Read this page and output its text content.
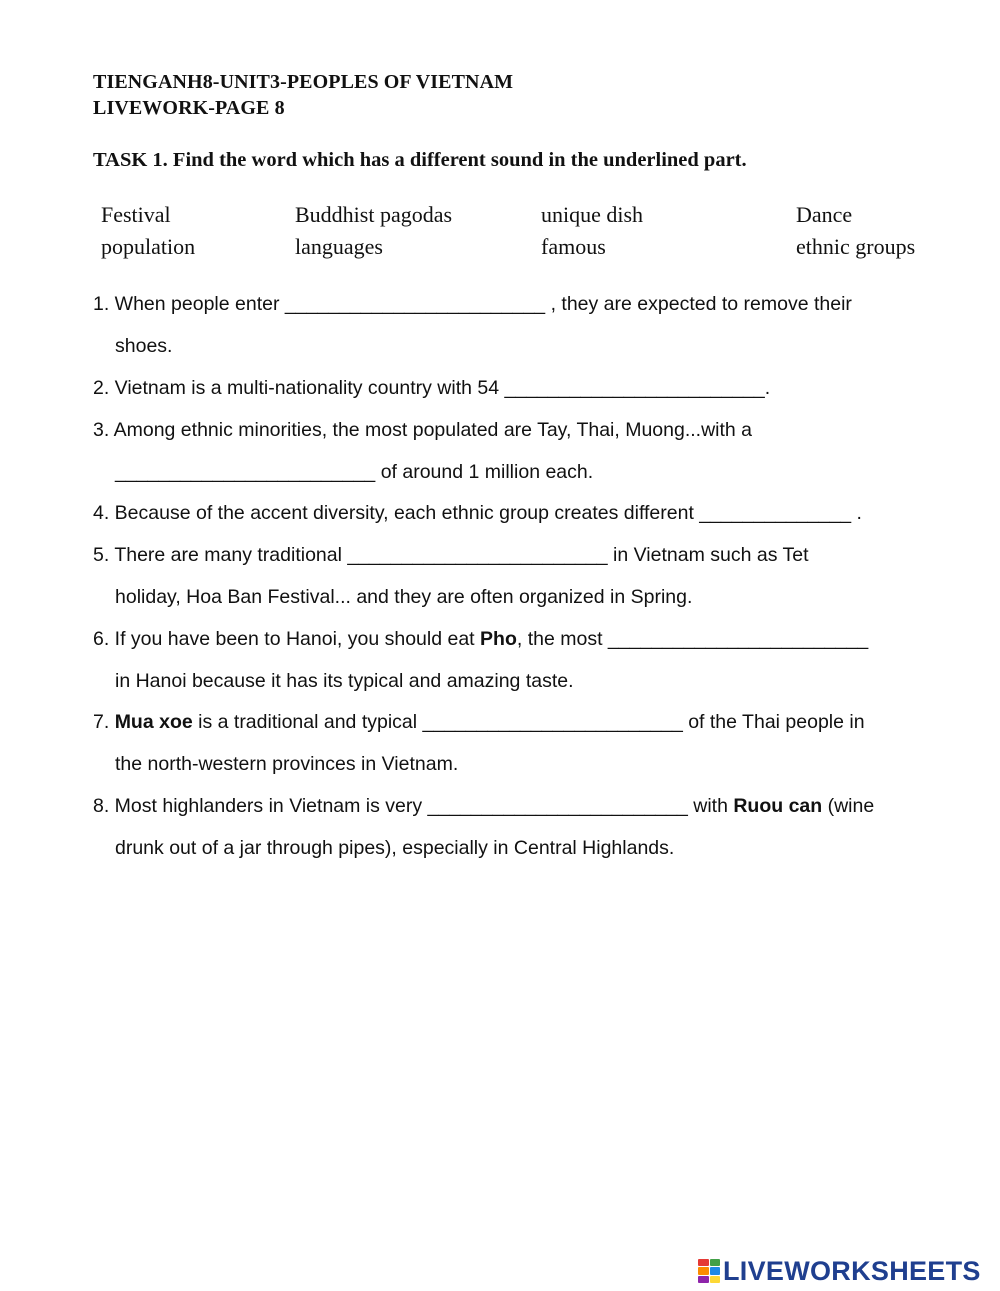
TIENGANH8-UNIT3-PEOPLES OF VIETNAM
LIVEWORK-PAGE 8

TASK 1. Find the word which has a different sound in the underlined part.

Festival	Buddhist pagodas	unique dish	Dance
population	languages	famous	ethnic groups

1. When people enter ________________________ , they are expected to remove their

shoes.

2. Vietnam is a multi-nationality country with 54 ________________________.

3. Among ethnic minorities, the most populated are Tay, Thai, Muong...with a

________________________ of around 1 million each.

4. Because of the accent diversity, each ethnic group creates different ______________ .

5. There are many traditional ________________________ in Vietnam such as Tet

holiday, Hoa Ban Festival... and they are often organized in Spring.

6. If you have been to Hanoi, you should eat Pho, the most ________________________

in Hanoi because it has its typical and amazing taste.

7. Mua xoe is a traditional and typical ________________________ of the Thai people in

the north-western provinces in Vietnam.

8. Most highlanders in Vietnam is very ________________________ with Ruou can (wine

drunk out of a jar through pipes), especially in Central Highlands.

LIVEWORKSHEETS
